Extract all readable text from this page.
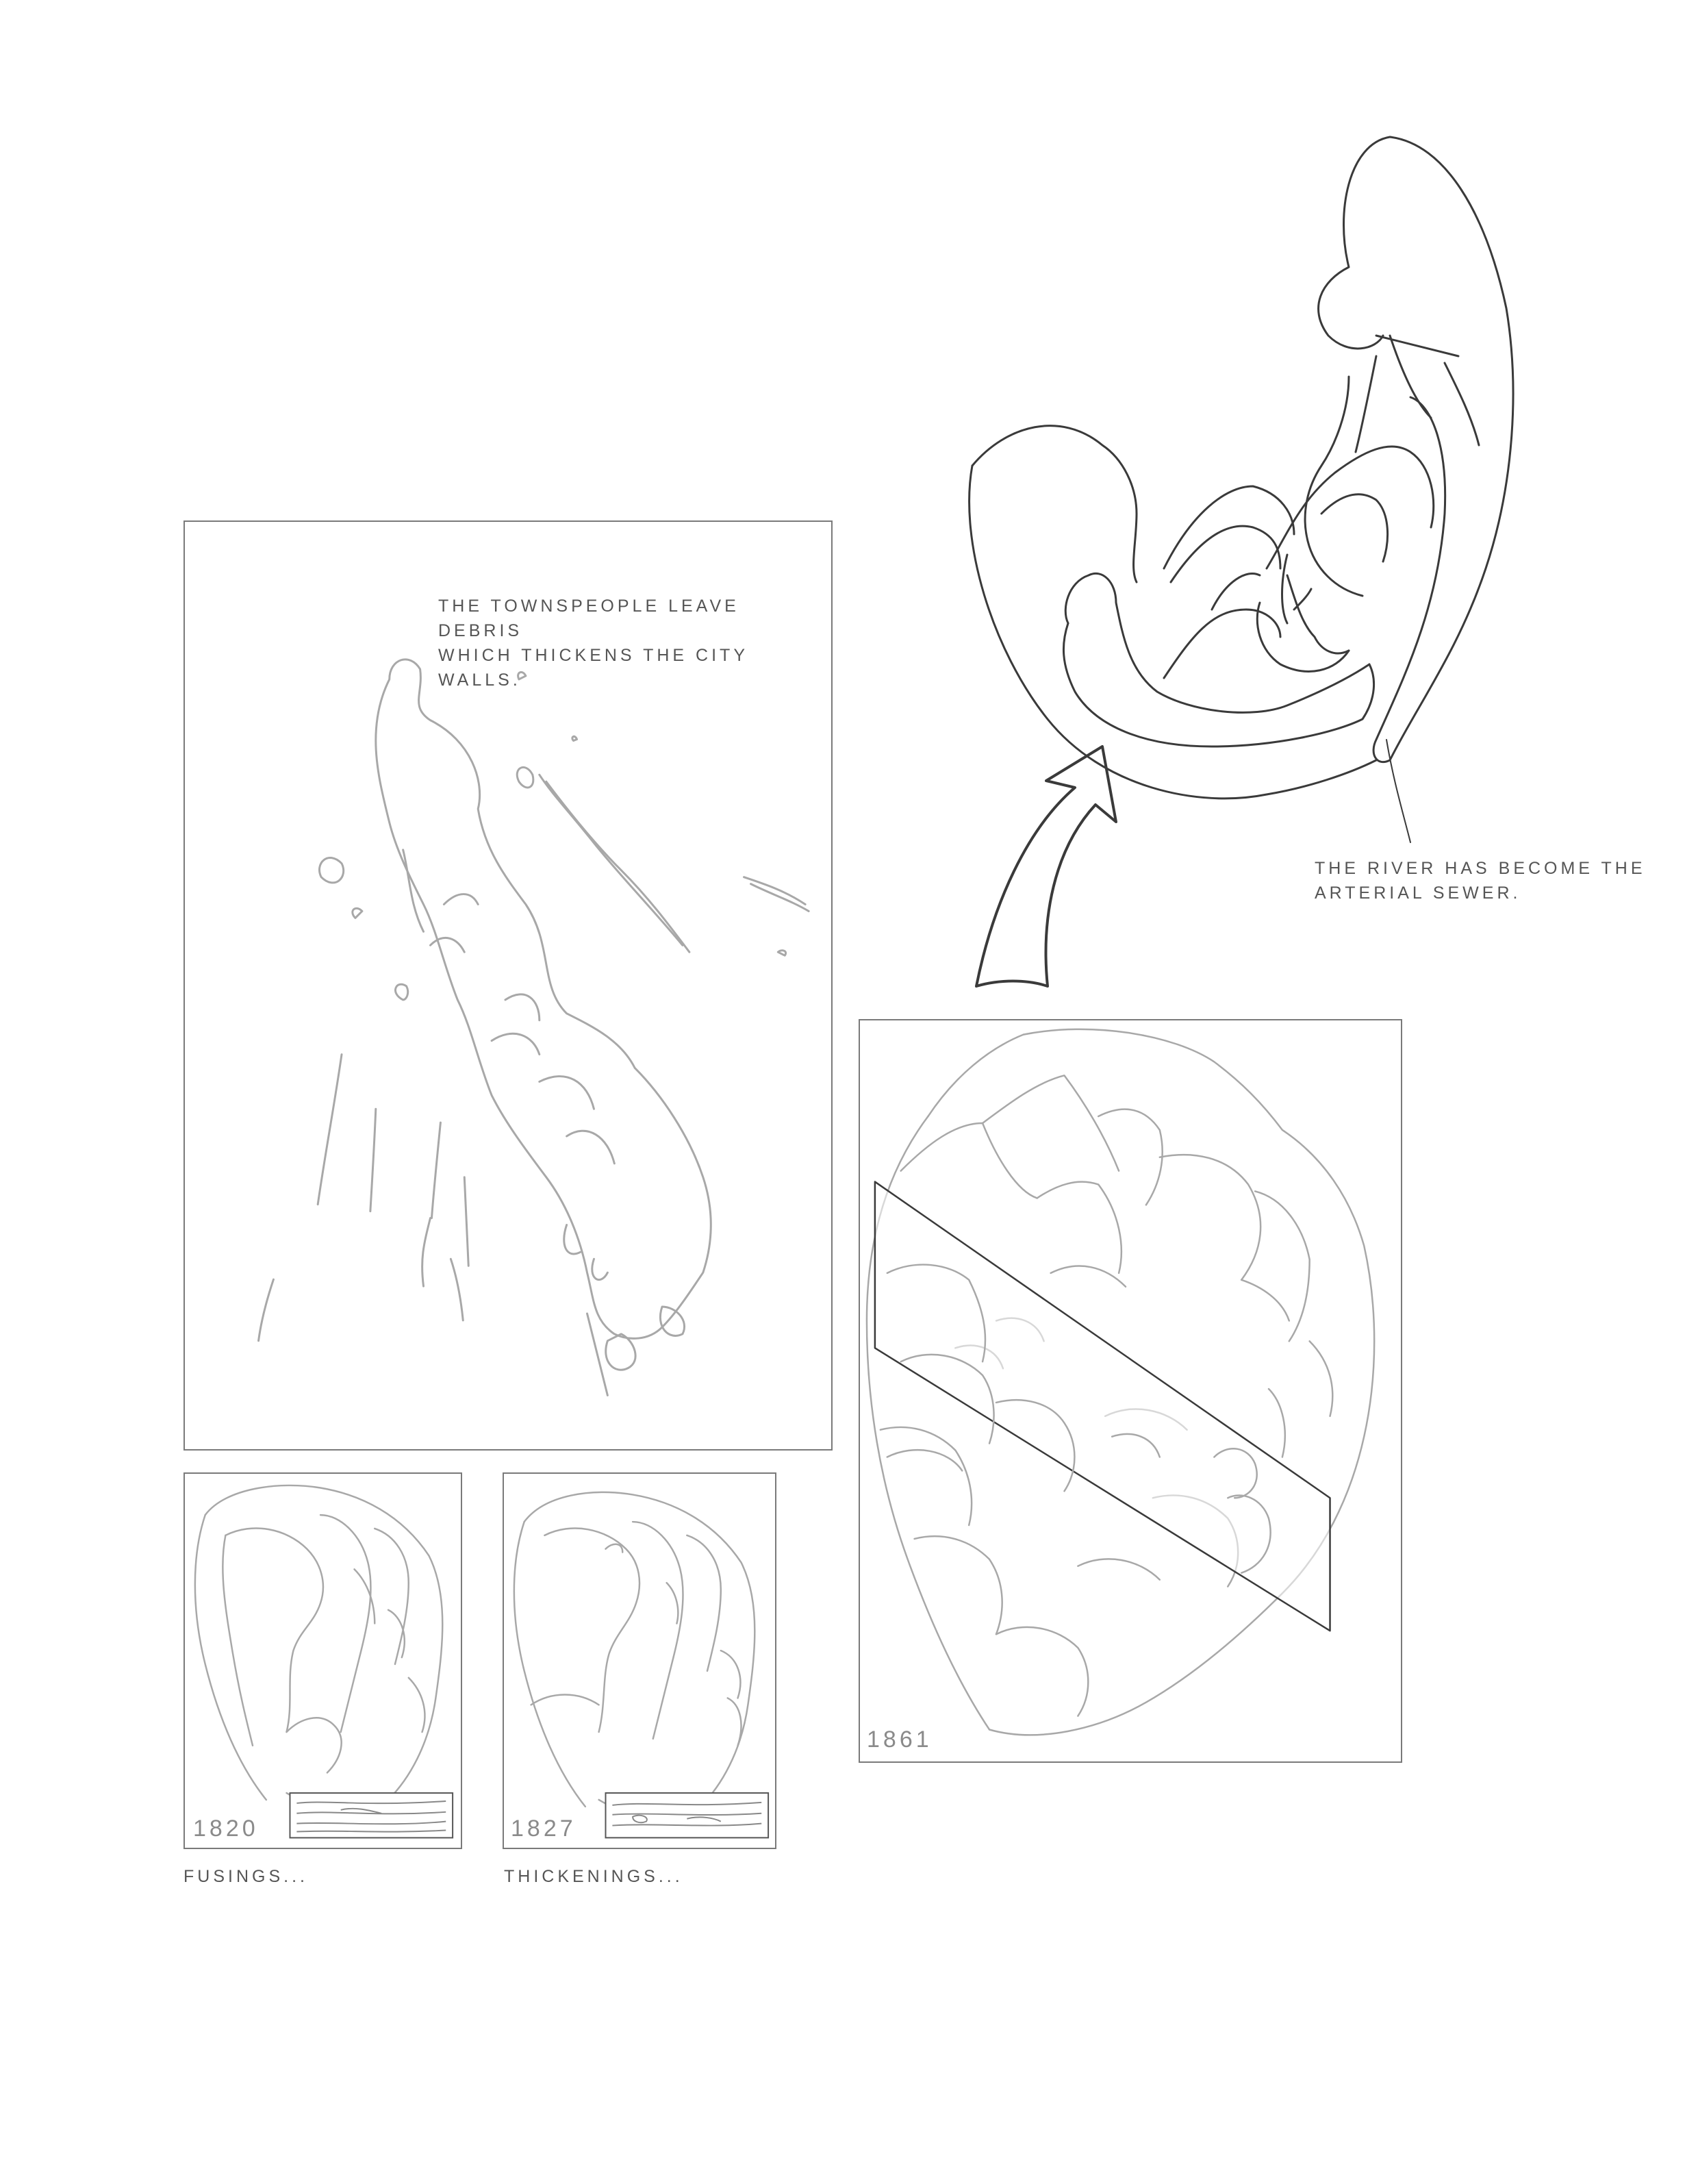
THE RIVER HAS BECOME THE
ARTERIAL SEWER.
THE TOWNSPEOPLE LEAVE DEBRIS
WHICH THICKENS THE CITY WALLS.
1820
FUSINGS...
1827
THICKENINGS...
1861
